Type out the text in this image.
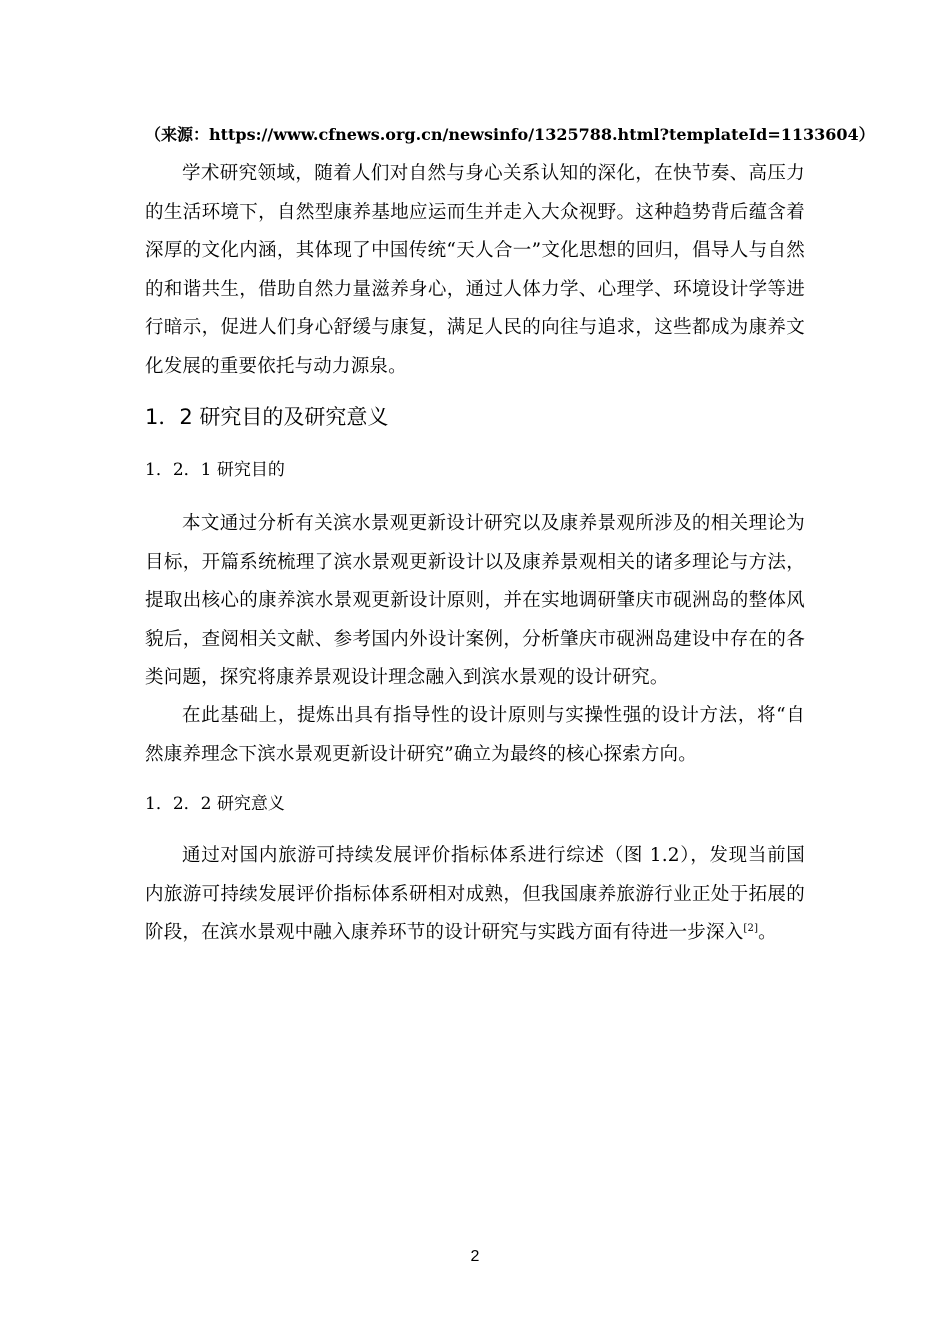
（来源：https://www.cfnews.org.cn/newsinfo/1325788.html?templateId=1133604）

学术研究领域，随着人们对自然与身心关系认知的深化，在快节奏、高压力的生活环境下，自然型康养基地应运而生并走入大众视野。这种趋势背后蕴含着深厚的文化内涵，其体现了中国传统“天人合一”文化思想的回归，倡导人与自然的和谐共生，借助自然力量滋养身心，通过人体力学、心理学、环境设计学等进行暗示，促进人们身心舒缓与康复，满足人民的向往与追求，这些都成为康养文化发展的重要依托与动力源泉。

1．2 研究目的及研究意义
1．2．1 研究目的

本文通过分析有关滨水景观更新设计研究以及康养景观所涉及的相关理论为目标，开篇系统梳理了滨水景观更新设计以及康养景观相关的诸多理论与方法，提取出核心的康养滨水景观更新设计原则，并在实地调研肇庆市砚洲岛的整体风貌后，查阅相关文献、参考国内外设计案例，分析肇庆市砚洲岛建设中存在的各类问题，探究将康养景观设计理念融入到滨水景观的设计研究。

在此基础上，提炼出具有指导性的设计原则与实操性强的设计方法，将“自然康养理念下滨水景观更新设计研究”确立为最终的核心探索方向。

1．2．2 研究意义

通过对国内旅游可持续发展评价指标体系进行综述（图 1.2），发现当前国内旅游可持续发展评价指标体系研相对成熟，但我国康养旅游行业正处于拓展的阶段，在滨水景观中融入康养环节的设计研究与实践方面有待进一步深入[2]。

2
